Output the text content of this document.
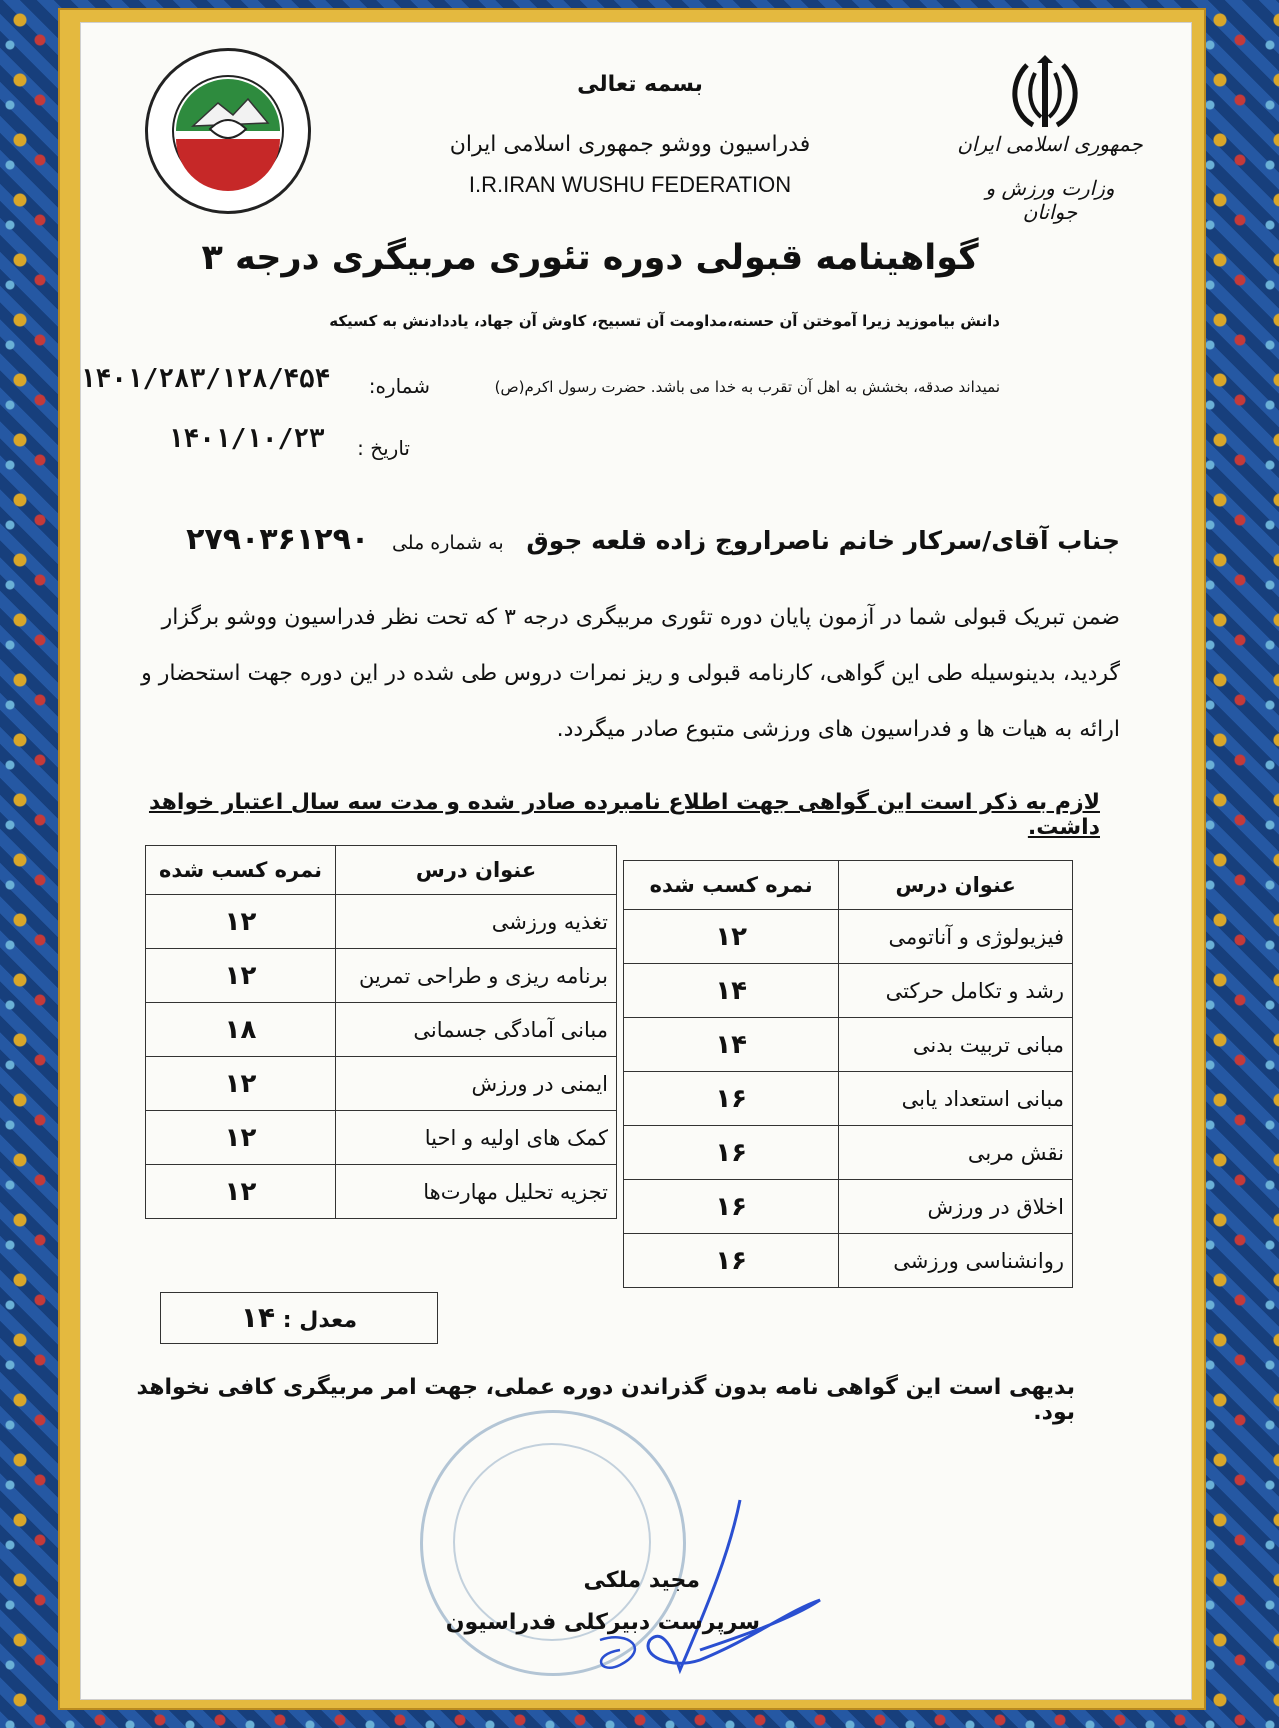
جمهوری اسلامی ایران
وزارت ورزش و جوانان
بسمه تعالی
فدراسیون ووشو جمهوری اسلامی ایران
I.R.IRAN WUSHU FEDERATION
گواهینامه قبولی دوره تئوری مربیگری درجه ۳
دانش بیاموزید زیرا آموختن آن حسنه،مداومت آن تسبیح، کاوش آن جهاد، یاددادنش به کسیکه
نمیداند صدقه، بخشش به اهل آن تقرب به خدا می باشد. حضرت رسول اکرم(ص)
شماره:
۱۴۰۱/۲۸۳/۱۲۸/۴۵۴
تاریخ :
۱۴۰۱/۱۰/۲۳
جناب آقای/سرکار خانم ناصراروج زاده قلعه جوق به شماره ملی ۲۷۹۰۳۶۱۲۹۰
ضمن تبریک قبولی شما در آزمون پایان دوره تئوری مربیگری درجه ۳ که تحت نظر فدراسیون ووشو برگزار گردید، بدینوسیله طی این گواهی، کارنامه قبولی و ریز نمرات دروس طی شده در این دوره جهت استحضار و ارائه به هیات ها و فدراسیون های ورزشی متبوع صادر میگردد.
لازم به ذکر است این گواهی جهت اطلاع نامبرده صادر شده و مدت سه سال اعتبار خواهد داشت.
عنوان درس	نمره کسب شده
فیزیولوژی و آناتومی	۱۲
رشد و تکامل حرکتی	۱۴
مبانی تربیت بدنی	۱۴
مبانی استعداد یابی	۱۶
نقش مربی	۱۶
اخلاق در ورزش	۱۶
روانشناسی ورزشی	۱۶
عنوان درس	نمره کسب شده
تغذیه ورزشی	۱۲
برنامه ریزی و طراحی تمرین	۱۲
مبانی آمادگی جسمانی	۱۸
ایمنی در ورزش	۱۲
کمک های اولیه و احیا	۱۲
تجزیه تحلیل مهارت‌ها	۱۲
معدل : ۱۴
بدیهی است این گواهی نامه بدون گذراندن دوره عملی، جهت امر مربیگری کافی نخواهد بود.
مجید ملکی
سرپرست دبیرکلی فدراسیون
